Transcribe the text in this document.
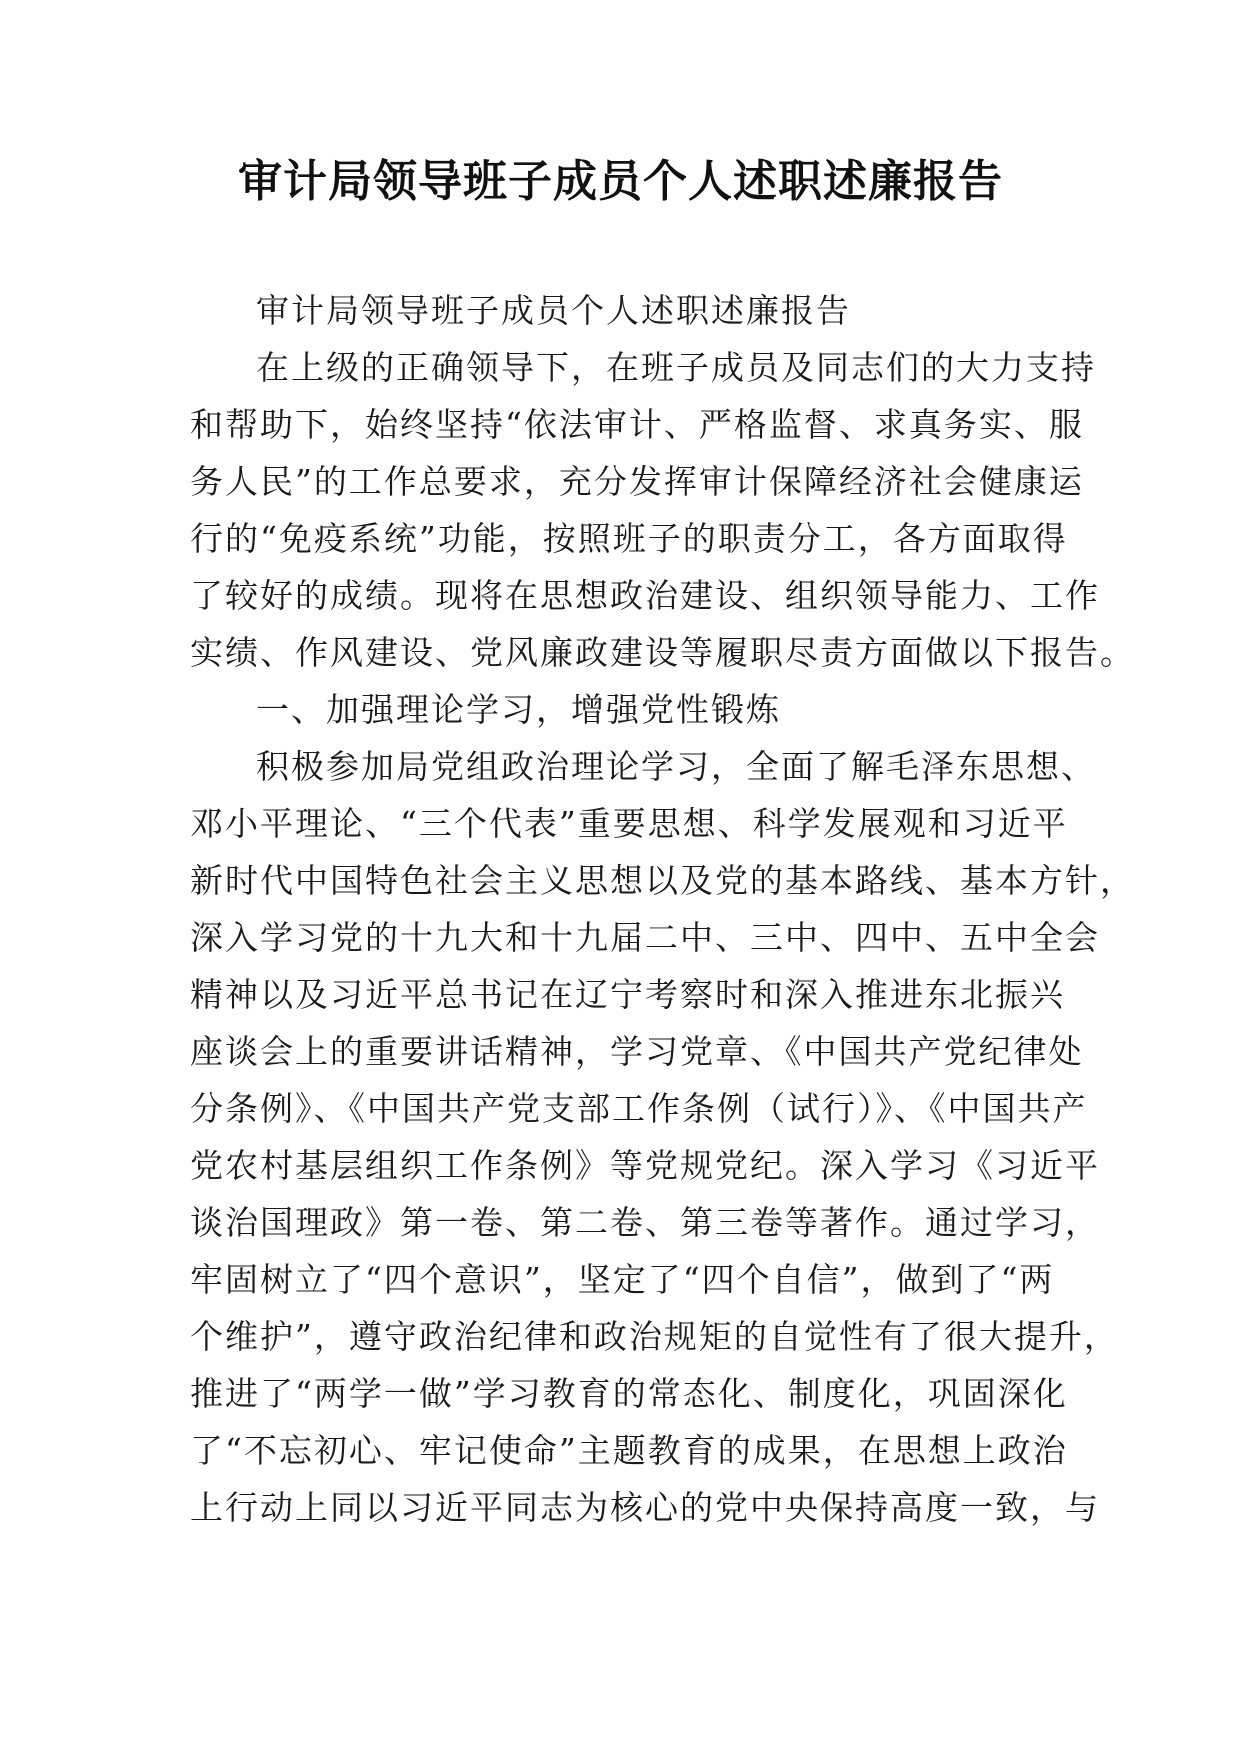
审计局领导班子成员个人述职述廉报告
审计局领导班子成员个人述职述廉报告
在上级的正确领导下，在班子成员及同志们的大力支持
和帮助下，始终坚持“依法审计、严格监督、求真务实、服
务人民”的工作总要求，充分发挥审计保障经济社会健康运
行的“免疫系统”功能，按照班子的职责分工，各方面取得
了较好的成绩。现将在思想政治建设、组织领导能力、工作
实绩、作风建设、党风廉政建设等履职尽责方面做以下报告。
一、加强理论学习，增强党性锻炼
积极参加局党组政治理论学习，全面了解毛泽东思想、
邓小平理论、“三个代表”重要思想、科学发展观和习近平
新时代中国特色社会主义思想以及党的基本路线、基本方针，
深入学习党的十九大和十九届二中、三中、四中、五中全会
精神以及习近平总书记在辽宁考察时和深入推进东北振兴
座谈会上的重要讲话精神，学习党章、《中国共产党纪律处
分条例》、《中国共产党支部工作条例（试行）》、《中国共产
党农村基层组织工作条例》等党规党纪。深入学习《习近平
谈治国理政》第一卷、第二卷、第三卷等著作。通过学习，
牢固树立了“四个意识”，坚定了“四个自信”，做到了“两
个维护”，遵守政治纪律和政治规矩的自觉性有了很大提升，
推进了“两学一做”学习教育的常态化、制度化，巩固深化
了“不忘初心、牢记使命”主题教育的成果，在思想上政治
上行动上同以习近平同志为核心的党中央保持高度一致，与
